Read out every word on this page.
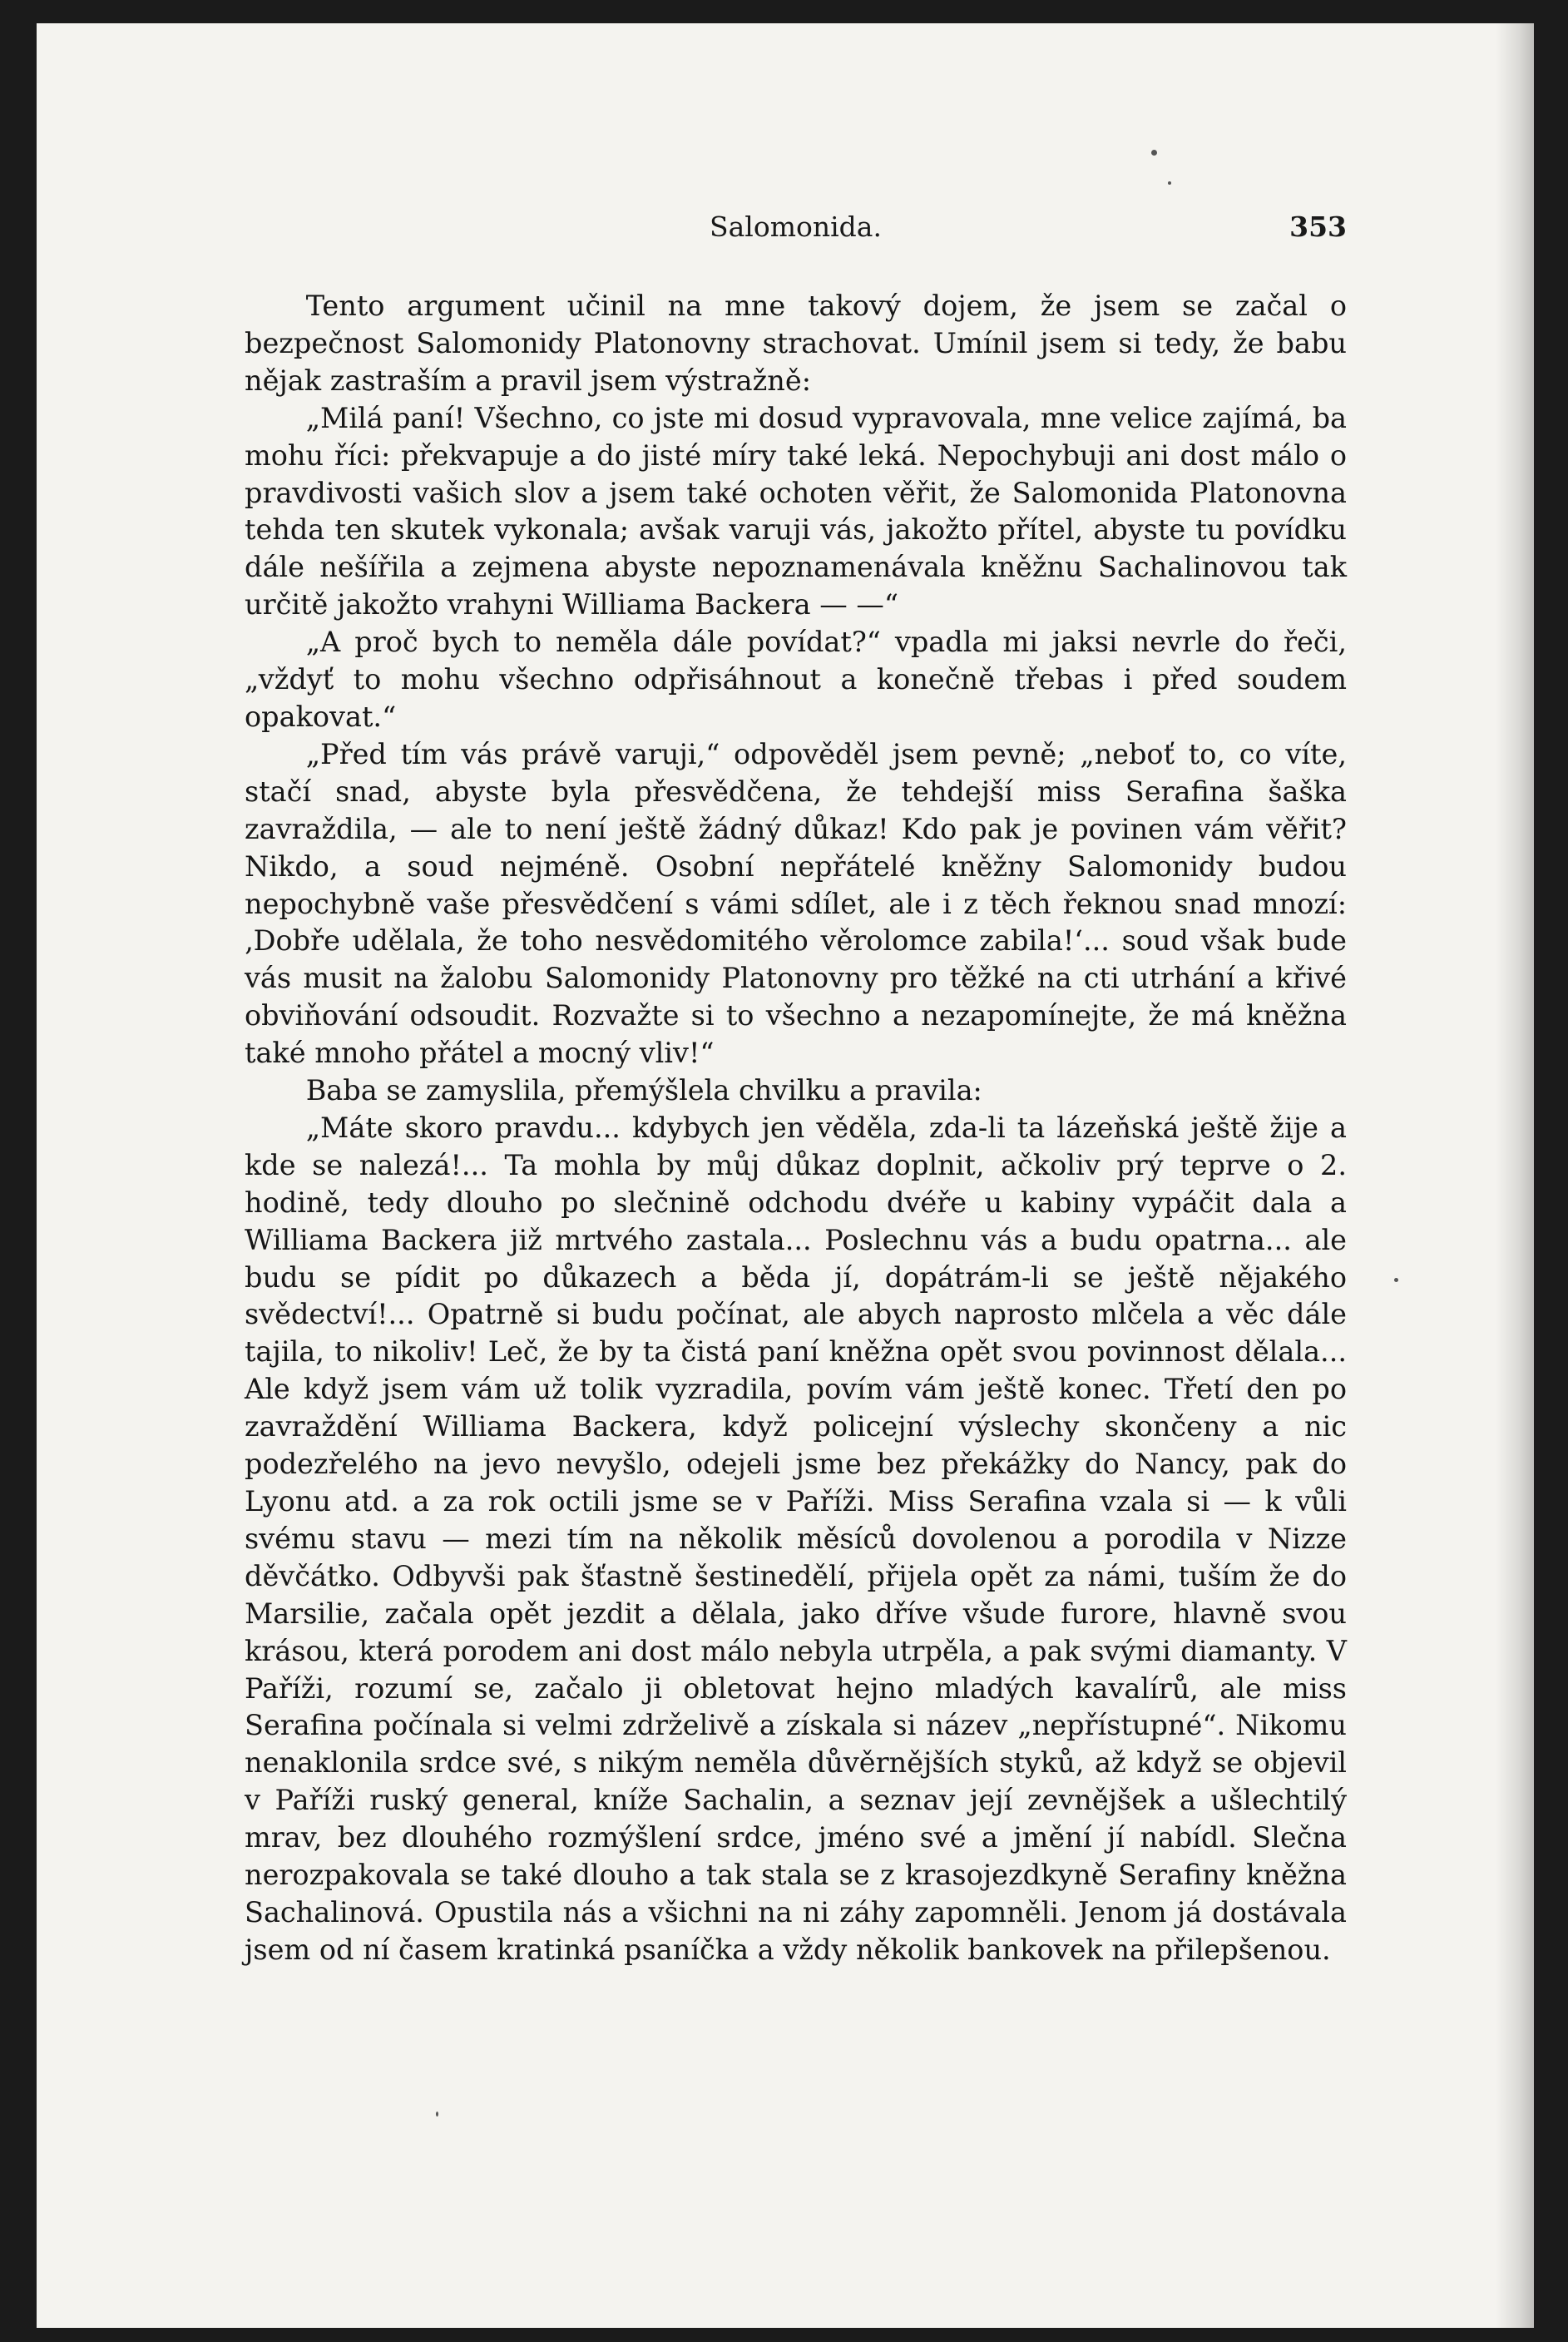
Salomonida.	353

Tento argument učinil na mne takový dojem, že jsem se začal o bezpečnost Salomonidy Platonovny strachovat. Umínil jsem si tedy, že babu nějak zastraším a pravil jsem výstražně:

„Milá paní! Všechno, co jste mi dosud vypravovala, mne velice zajímá, ba mohu říci: překvapuje a do jisté míry také leká. Nepochybuji ani dost málo o pravdivosti vašich slov a jsem také ochoten věřit, že Salomonida Platonovna tehda ten skutek vykonala; avšak varuji vás, jakožto přítel, abyste tu povídku dále nešířila a zejmena abyste nepoznamenávala kněžnu Sachalinovou tak určitě jakožto vrahyni Williama Backera — —“

„A proč bych to neměla dále povídat?“ vpadla mi jaksi nevrle do řeči, „vždyť to mohu všechno odpřisáhnout a konečně třebas i před soudem opakovat.“

„Před tím vás právě varuji,“ odpověděl jsem pevně; „neboť to, co víte, stačí snad, abyste byla přesvědčena, že tehdejší miss Serafina šaška zavraždila, — ale to není ještě žádný důkaz! Kdo pak je povinen vám věřit? Nikdo, a soud nejméně. Osobní nepřátelé kněžny Salomonidy budou nepochybně vaše přesvědčení s vámi sdílet, ale i z těch řeknou snad mnozí: ‚Dobře udělala, že toho nesvědomitého věrolomce zabila!‘... soud však bude vás musit na žalobu Salomonidy Platonovny pro těžké na cti utrhání a křivé obviňování odsoudit. Rozvažte si to všechno a nezapomínejte, že má kněžna také mnoho přátel a mocný vliv!“

Baba se zamyslila, přemýšlela chvilku a pravila:

„Máte skoro pravdu... kdybych jen věděla, zda-li ta lázeňská ještě žije a kde se nalezá!... Ta mohla by můj důkaz doplnit, ačkoliv prý teprve o 2. hodině, tedy dlouho po slečnině odchodu dvéře u kabiny vypáčit dala a Williama Backera již mrtvého zastala... Poslechnu vás a budu opatrna... ale budu se pídit po důkazech a běda jí, dopátrám-li se ještě nějakého svědectví!... Opatrně si budu počínat, ale abych naprosto mlčela a věc dále tajila, to nikoliv! Leč, že by ta čistá paní kněžna opět svou povinnost dělala... Ale když jsem vám už tolik vyzradila, povím vám ještě konec. Třetí den po zavraždění Williama Backera, když policejní výslechy skončeny a nic podezřelého na jevo nevyšlo, odejeli jsme bez překážky do Nancy, pak do Lyonu atd. a za rok octili jsme se v Paříži. Miss Serafina vzala si — k vůli svému stavu — mezi tím na několik měsíců dovolenou a porodila v Nizze děvčátko. Odbyvši pak šťastně šestinedělí, přijela opět za námi, tuším že do Marsilie, začala opět jezdit a dělala, jako dříve všude furore, hlavně svou krásou, která porodem ani dost málo nebyla utrpěla, a pak svými diamanty. V Paříži, rozumí se, začalo ji obletovat hejno mladých kavalírů, ale miss Serafina počínala si velmi zdrželivě a získala si název „nepřístupné“. Nikomu nenaklonila srdce své, s nikým neměla důvěrnějších styků, až když se objevil v Paříži ruský general, kníže Sachalin, a seznav její zevnějšek a ušlechtilý mrav, bez dlouhého rozmýšlení srdce, jméno své a jmění jí nabídl. Slečna nerozpakovala se také dlouho a tak stala se z krasojezdkyně Serafiny kněžna Sachalinová. Opustila nás a všichni na ni záhy zapomněli. Jenom já dostávala jsem od ní časem kratinká psaníčka a vždy několik bankovek na přilepšenou.
